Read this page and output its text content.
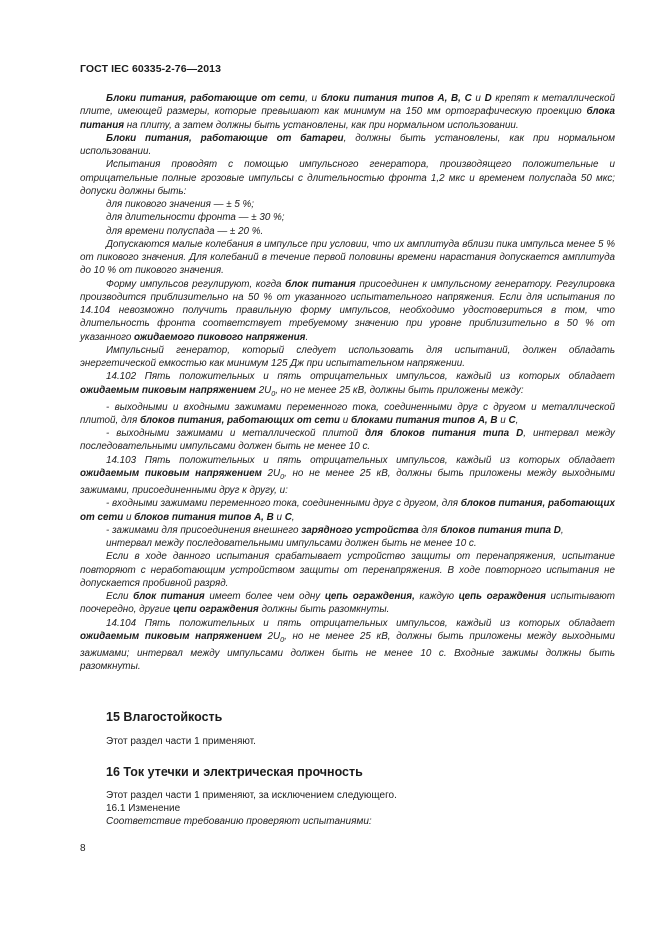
ГОСТ IEC 60335-2-76—2013

Блоки питания, работающие от сети, и блоки питания типов A, B, C и D крепят к металлической плите, имеющей размеры, которые превышают как минимум на 150 мм ортографическую проекцию блока питания на плиту, а затем должны быть установлены, как при нормальном использовании.

Блоки питания, работающие от батареи, должны быть установлены, как при нормальном использовании.

Испытания проводят с помощью импульсного генератора, производящего положительные и отрицательные полные грозовые импульсы с длительностью фронта 1,2 мкс и временем полуспада 50 мкс; допуски должны быть:

для пикового значения — ± 5 %;

для длительности фронта — ± 30 %;

для времени полуспада — ± 20 %.

Допускаются малые колебания в импульсе при условии, что их амплитуда вблизи пика импульса менее 5 % от пикового значения. Для колебаний в течение первой половины времени нарастания допускается амплитуда до 10 % от пикового значения.

Форму импульсов регулируют, когда блок питания присоединен к импульсному генератору. Регулировка производится приблизительно на 50 % от указанного испытательного напряжения. Если для испытания по 14.104 невозможно получить правильную форму импульсов, необходимо удостовериться в том, что длительность фронта соответствует требуемому значению при уровне приблизительно в 50 % от указанного ожидаемого пикового напряжения.

Импульсный генератор, который следует использовать для испытаний, должен обладать энергетической емкостью как минимум 125 Дж при испытательном напряжении.

14.102 Пять положительных и пять отрицательных импульсов, каждый из которых обладает ожидаемым пиковым напряжением $2U_0$, но не менее 25 кВ, должны быть приложены между:

- выходными и входными зажимами переменного тока, соединенными друг с другом и металлической плитой, для блоков питания, работающих от сети и блоками питания типов A, B и C,

- выходными зажимами и металлической плитой для блоков питания типа D, интервал между последовательными импульсами должен быть не менее 10 с.

14.103 Пять положительных и пять отрицательных импульсов, каждый из которых обладает ожидаемым пиковым напряжением $2U_0$, но не менее 25 кВ, должны быть приложены между выходными зажимами, присоединенными друг к другу, и:

- входными зажимами переменного тока, соединенными друг с другом, для блоков питания, работающих от сети и блоков питания типов A, B и C,

- зажимами для присоединения внешнего зарядного устройства для блоков питания типа D,

интервал между последовательными импульсами должен быть не менее 10 с.

Если в ходе данного испытания срабатывает устройство защиты от перенапряжения, испытание повторяют с неработающим устройством защиты от перенапряжения. В ходе повторного испытания не допускается пробивной разряд.

Если блок питания имеет более чем одну цепь ограждения, каждую цепь ограждения испытывают поочередно, другие цепи ограждения должны быть разомкнуты.

14.104 Пять положительных и пять отрицательных импульсов, каждый из которых обладает ожидаемым пиковым напряжением $2U_0$, но не менее 25 кВ, должны быть приложены между выходными зажимами; интервал между импульсами должен быть не менее 10 с. Входные зажимы должны быть разомкнуты.

15 Влагостойкость
Этот раздел части 1 применяют.
16 Ток утечки и электрическая прочность
Этот раздел части 1 применяют, за исключением следующего.
16.1 Изменение
Соответствие требованию проверяют испытаниями:
8
